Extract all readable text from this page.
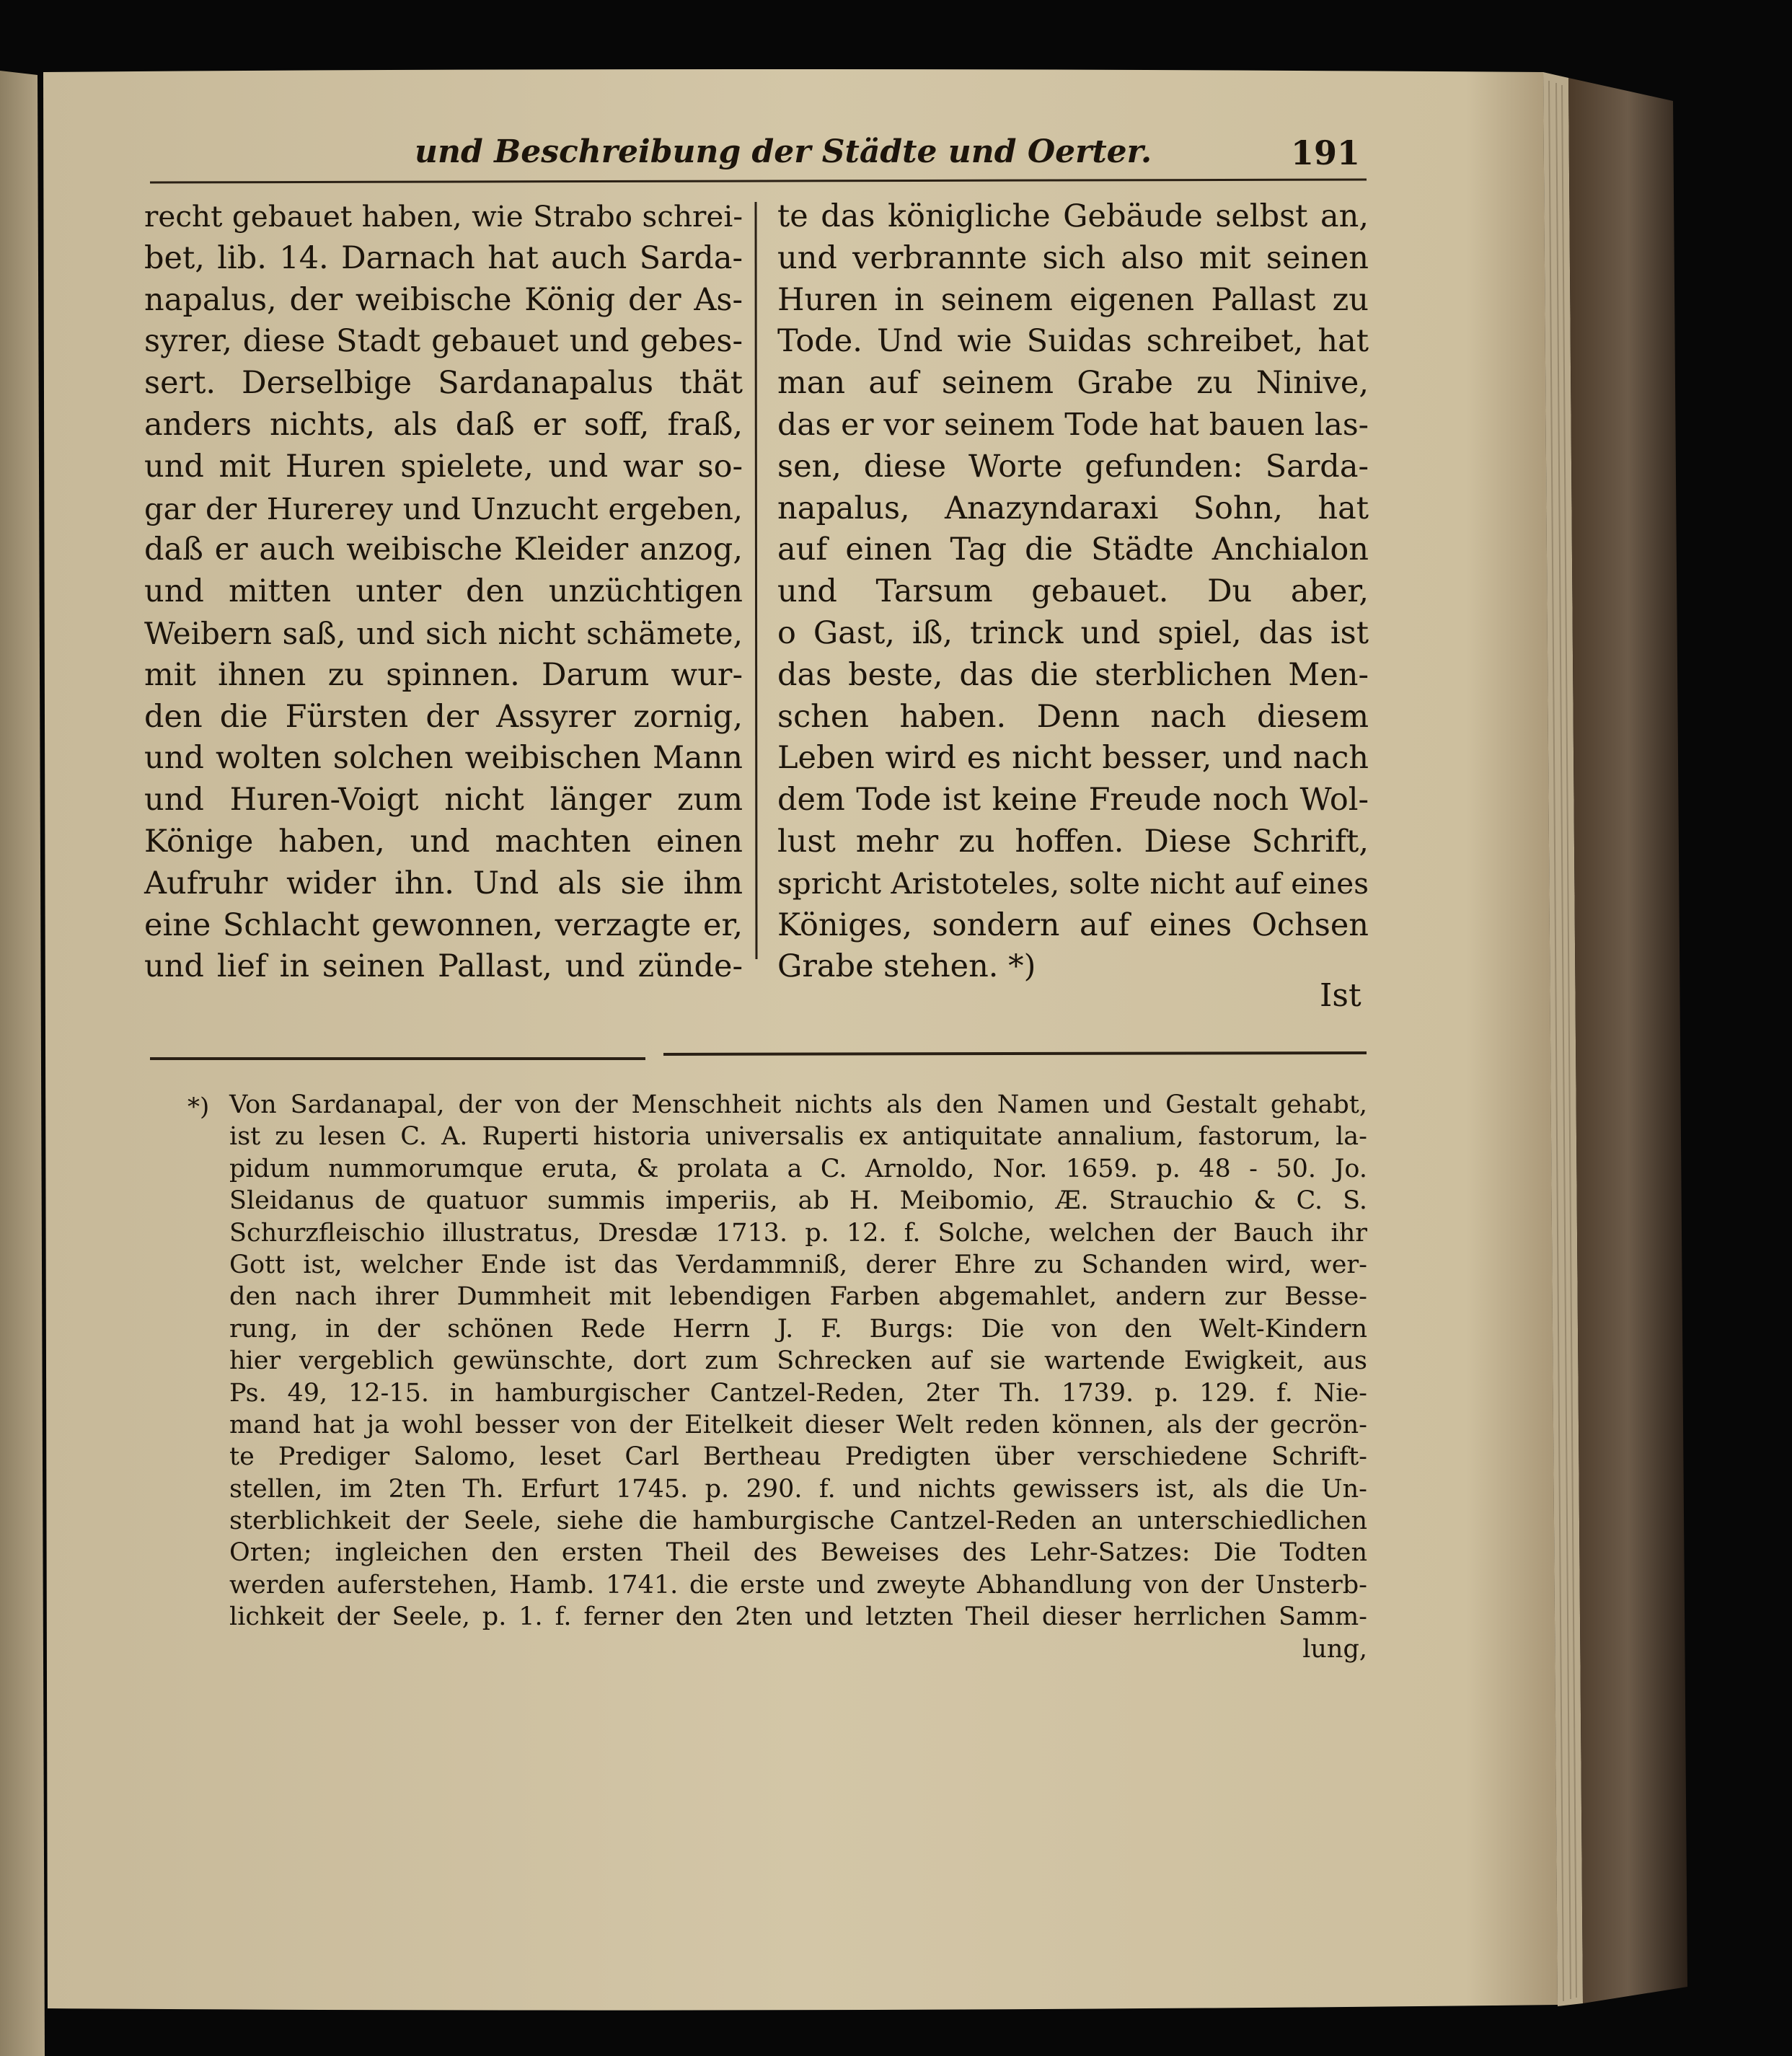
und Beschreibung der Städte und Oerter.	191
recht gebauet haben, wie Strabo schrei-
bet, lib. 14. Darnach hat auch Sarda-
napalus, der weibische König der As-
syrer, diese Stadt gebauet und gebes-
sert. Derselbige Sardanapalus thät
anders nichts, als daß er soff, fraß,
und mit Huren spielete, und war so-
gar der Hurerey und Unzucht ergeben,
daß er auch weibische Kleider anzog,
und mitten unter den unzüchtigen
Weibern saß, und sich nicht schämete,
mit ihnen zu spinnen. Darum wur-
den die Fürsten der Assyrer zornig,
und wolten solchen weibischen Mann
und Huren-Voigt nicht länger zum
Könige haben, und machten einen
Aufruhr wider ihn. Und als sie ihm
eine Schlacht gewonnen, verzagte er,
und lief in seinen Pallast, und zünde-
te das königliche Gebäude selbst an,
und verbrannte sich also mit seinen
Huren in seinem eigenen Pallast zu
Tode. Und wie Suidas schreibet, hat
man auf seinem Grabe zu Ninive,
das er vor seinem Tode hat bauen las-
sen, diese Worte gefunden: Sarda-
napalus, Anazyndaraxi Sohn, hat
auf einen Tag die Städte Anchialon
und Tarsum gebauet. Du aber,
o Gast, iß, trinck und spiel, das ist
das beste, das die sterblichen Men-
schen haben. Denn nach diesem
Leben wird es nicht besser, und nach
dem Tode ist keine Freude noch Wol-
lust mehr zu hoffen. Diese Schrift,
spricht Aristoteles, solte nicht auf eines
Königes, sondern auf eines Ochsen
Grabe stehen. *)
Ist
*) Von Sardanapal, der von der Menschheit nichts als den Namen und Gestalt gehabt,
ist zu lesen C. A. Ruperti historia universalis ex antiquitate annalium, fastorum, la-
pidum nummorumque eruta, & prolata a C. Arnoldo, Nor. 1659. p. 48 - 50. Jo.
Sleidanus de quatuor summis imperiis, ab H. Meibomio, Æ. Strauchio & C. S.
Schurzfleischio illustratus, Dresdæ 1713. p. 12. f. Solche, welchen der Bauch ihr
Gott ist, welcher Ende ist das Verdammniß, derer Ehre zu Schanden wird, wer-
den nach ihrer Dummheit mit lebendigen Farben abgemahlet, andern zur Besse-
rung, in der schönen Rede Herrn J. F. Burgs: Die von den Welt-Kindern
hier vergeblich gewünschte, dort zum Schrecken auf sie wartende Ewigkeit, aus
Ps. 49, 12-15. in hamburgischer Cantzel-Reden, 2ter Th. 1739. p. 129. f. Nie-
mand hat ja wohl besser von der Eitelkeit dieser Welt reden können, als der gecrön-
te Prediger Salomo, leset Carl Bertheau Predigten über verschiedene Schrift-
stellen, im 2ten Th. Erfurt 1745. p. 290. f. und nichts gewissers ist, als die Un-
sterblichkeit der Seele, siehe die hamburgische Cantzel-Reden an unterschiedlichen
Orten; ingleichen den ersten Theil des Beweises des Lehr-Satzes: Die Todten
werden auferstehen, Hamb. 1741. die erste und zweyte Abhandlung von der Unsterb-
lichkeit der Seele, p. 1. f. ferner den 2ten und letzten Theil dieser herrlichen Samm-
lung,
